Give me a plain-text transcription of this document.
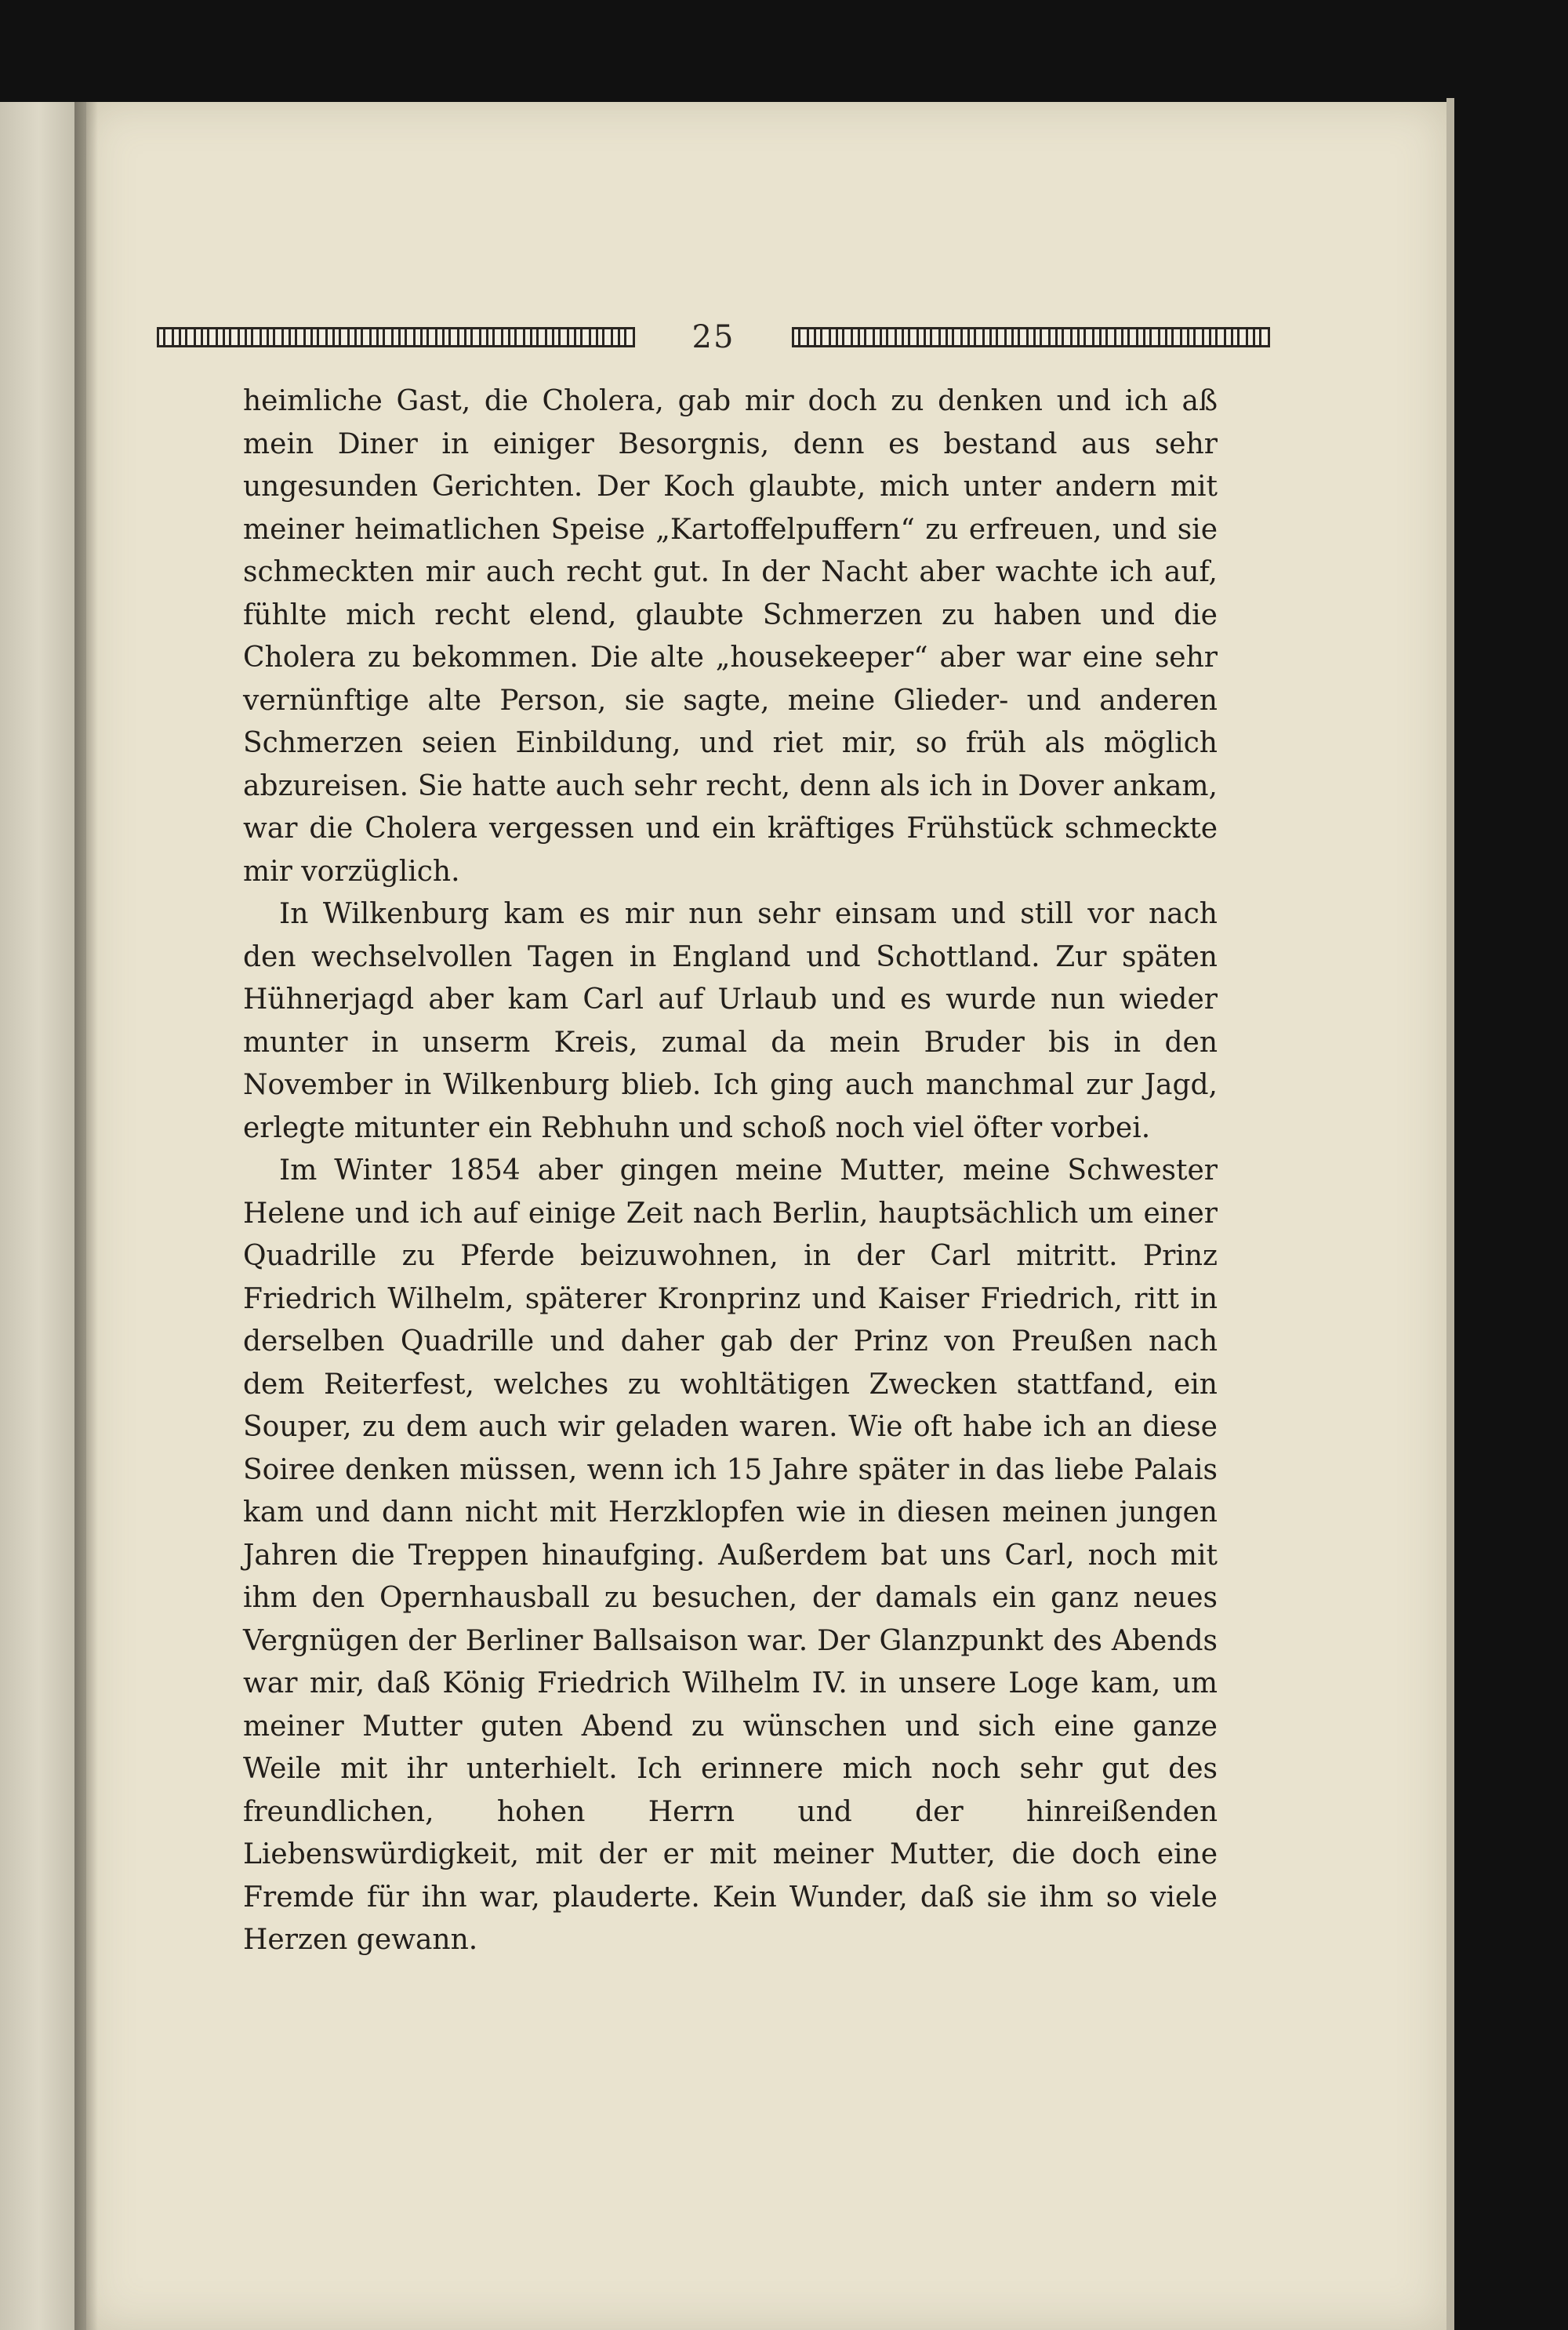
25

heimliche Gast, die Cholera, gab mir doch zu denken und ich aß mein Diner in einiger Besorgnis, denn es bestand aus sehr ungesunden Gerichten. Der Koch glaubte, mich unter andern mit meiner heimatlichen Speise „Kartoffelpuffern“ zu erfreuen, und sie schmeckten mir auch recht gut. In der Nacht aber wachte ich auf, fühlte mich recht elend, glaubte Schmerzen zu haben und die Cholera zu bekommen. Die alte „housekeeper“ aber war eine sehr vernünftige alte Person, sie sagte, meine Glieder- und anderen Schmerzen seien Einbildung, und riet mir, so früh als möglich abzureisen. Sie hatte auch sehr recht, denn als ich in Dover ankam, war die Cholera vergessen und ein kräftiges Frühstück schmeckte mir vorzüglich.

In Wilkenburg kam es mir nun sehr einsam und still vor nach den wechselvollen Tagen in England und Schottland. Zur späten Hühnerjagd aber kam Carl auf Urlaub und es wurde nun wieder munter in unserm Kreis, zumal da mein Bruder bis in den November in Wilkenburg blieb. Ich ging auch manchmal zur Jagd, erlegte mitunter ein Rebhuhn und schoß noch viel öfter vorbei.

Im Winter 1854 aber gingen meine Mutter, meine Schwester Helene und ich auf einige Zeit nach Berlin, hauptsächlich um einer Quadrille zu Pferde beizuwohnen, in der Carl mitritt. Prinz Friedrich Wilhelm, späterer Kronprinz und Kaiser Friedrich, ritt in derselben Quadrille und daher gab der Prinz von Preußen nach dem Reiterfest, welches zu wohltätigen Zwecken stattfand, ein Souper, zu dem auch wir geladen waren. Wie oft habe ich an diese Soiree denken müssen, wenn ich 15 Jahre später in das liebe Palais kam und dann nicht mit Herzklopfen wie in diesen meinen jungen Jahren die Treppen hinaufging. Außerdem bat uns Carl, noch mit ihm den Opernhausball zu besuchen, der damals ein ganz neues Vergnügen der Berliner Ballsaison war. Der Glanzpunkt des Abends war mir, daß König Friedrich Wilhelm IV. in unsere Loge kam, um meiner Mutter guten Abend zu wünschen und sich eine ganze Weile mit ihr unterhielt. Ich erinnere mich noch sehr gut des freundlichen, hohen Herrn und der hinreißenden Liebenswürdigkeit, mit der er mit meiner Mutter, die doch eine Fremde für ihn war, plauderte. Kein Wunder, daß sie ihm so viele Herzen gewann.
